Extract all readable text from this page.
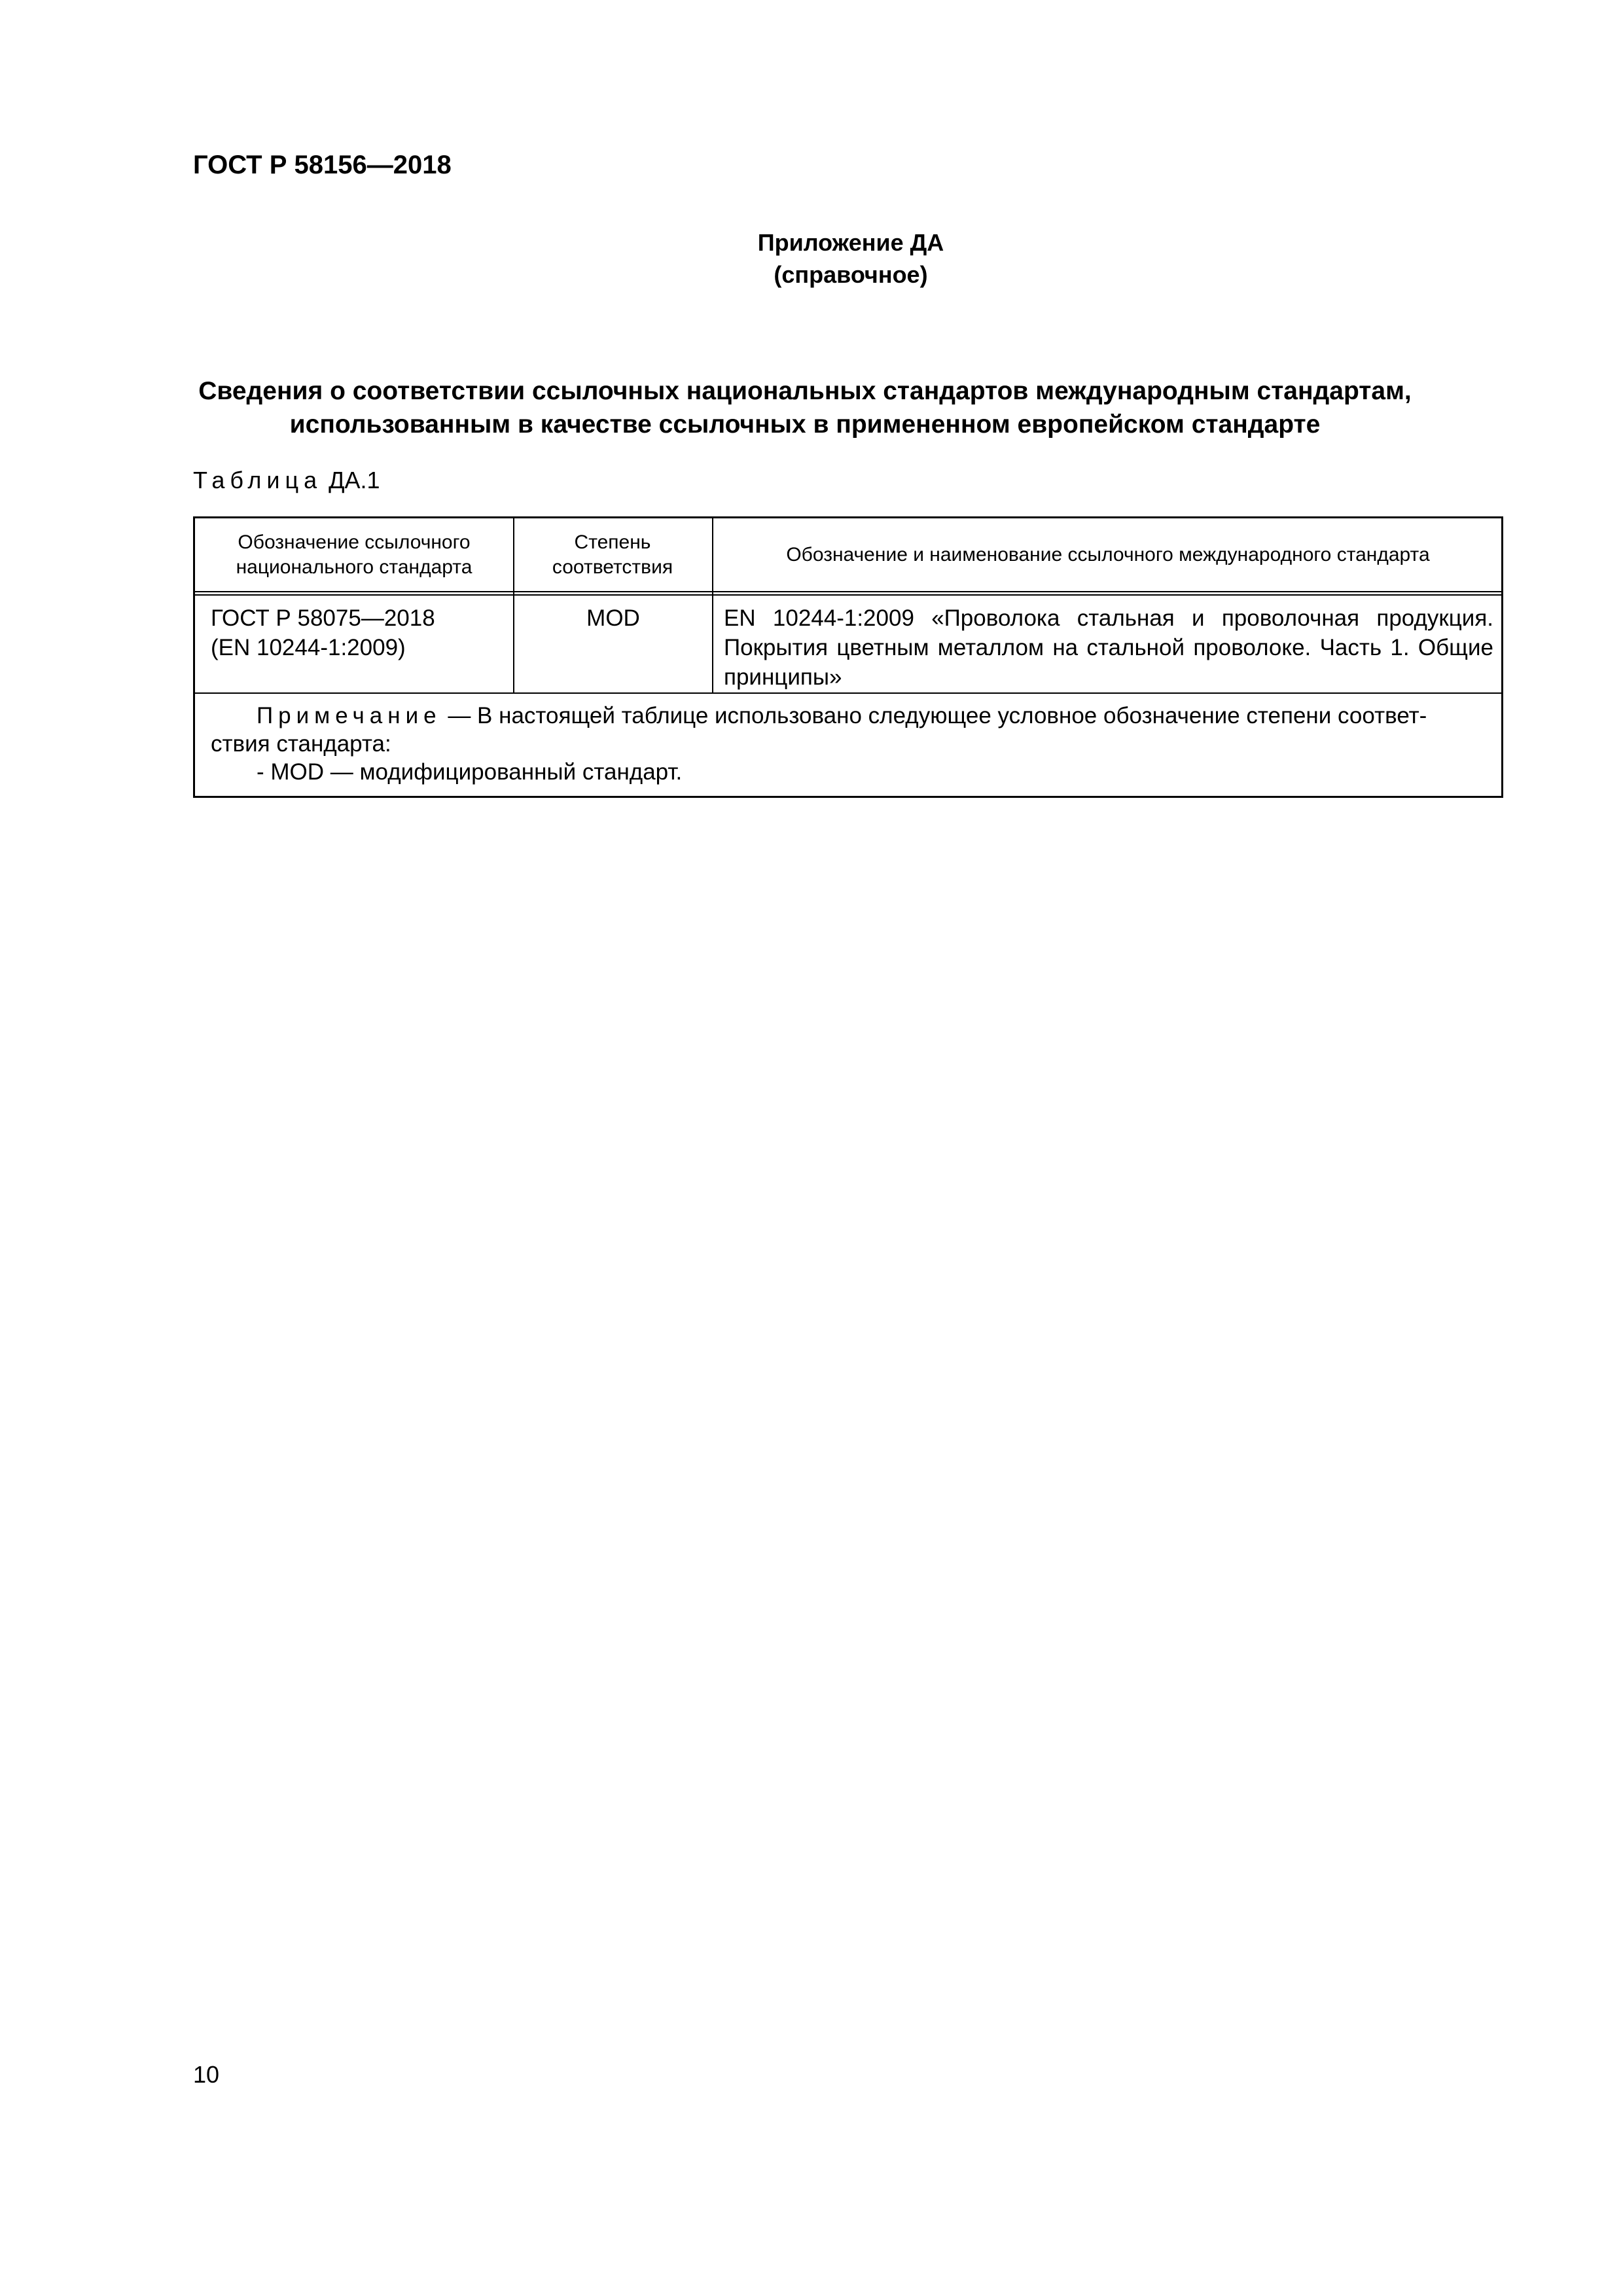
ГОСТ Р 58156—2018
Приложение ДА
(справочное)
Сведения о соответствии ссылочных национальных стандартов международным стандартам,
использованным в качестве ссылочных в примененном европейском стандарте
Таблица ДА.1
Обозначение ссылочного национального стандарта
Степень соответствия
Обозначение и наименование ссылочного международного стандарта
ГОСТ Р 58075—2018 (EN 10244-1:2009)
MOD	EN 10244-1:2009 «Проволока стальная и проволочная продукция. Покрытия цветным металлом на стальной проволоке. Часть 1. Общие принципы»
Примечание — В настоящей таблице использовано следующее условное обозначение степени соответ-
ствия стандарта:
- MOD — модифицированный стандарт.
10
